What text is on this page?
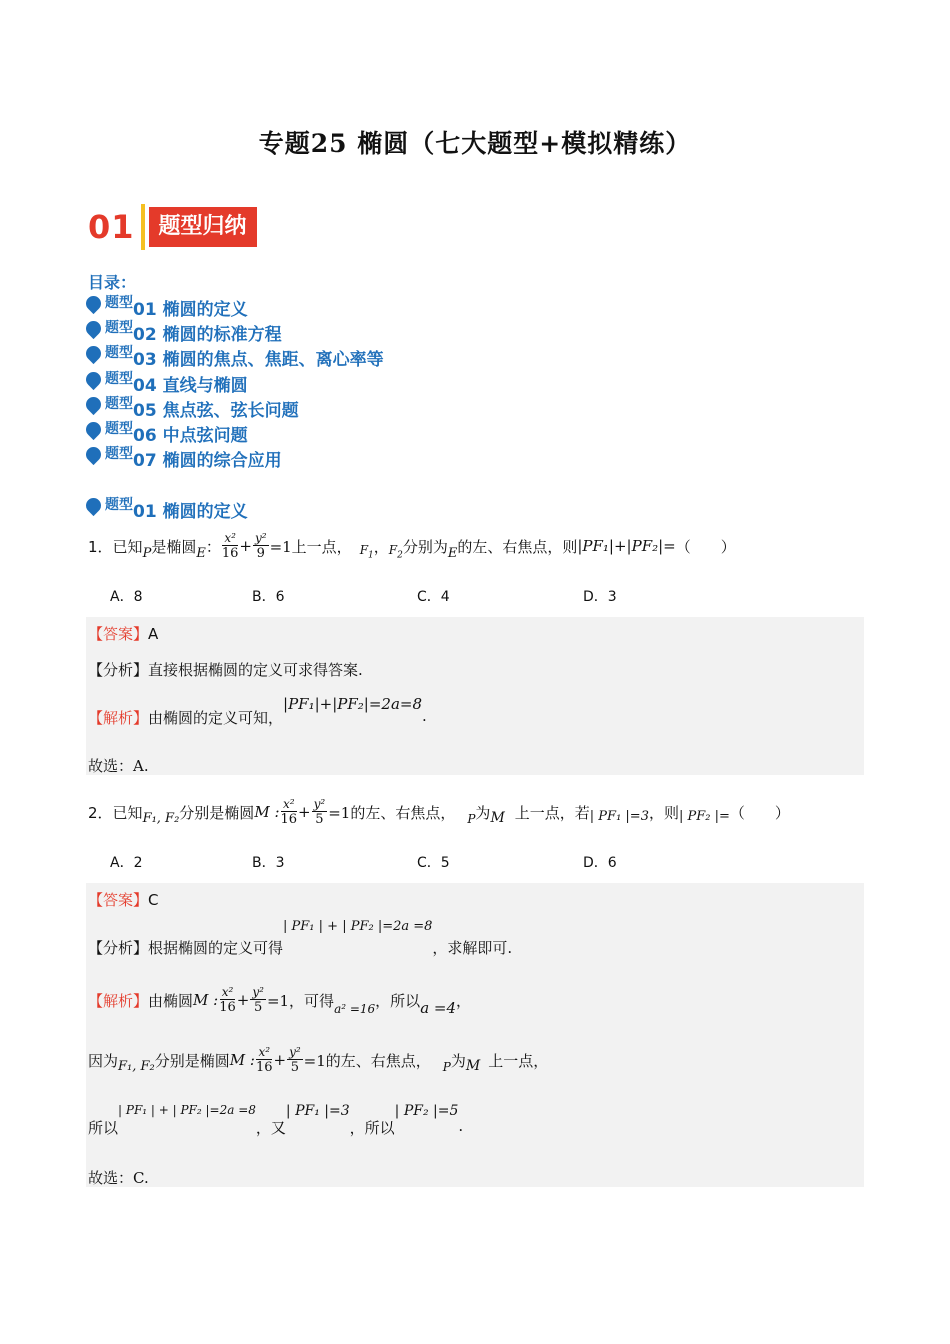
专题25 椭圆（七大题型+模拟精练）
01	题型归纳
目录：
题型 01 椭圆的定义
题型 02 椭圆的标准方程
题型 03 椭圆的焦点、焦距、离心率等
题型 04 直线与椭圆
题型 05 焦点弦、弦长问题
题型 06 中点弦问题
题型 07 椭圆的综合应用
题型 01 椭圆的定义
1． 已知 P 是椭圆 E ： $\frac{\text{x²}}{16} + \frac{\text{y²}}{9} =1$上一点， $F_1$
， $F_2$
分别为 E 的左、右焦点，则 |PF₁|+|PF₂|= （　　）
A．8	B．6	C．4	D．3
【答案】A
【分析】直接根据椭圆的定义可求得答案.
【解析】 由椭圆的定义可知，
|PF₁|+|PF₂|=2a=8
.
故选：A.
2． 已知 F₁, F₂ 分别是椭圆 M : $\frac{\text{x²}}{16} + \frac{\text{y²}}{5} =1$的左、右焦点， P 为 M 上一点，若 | PF₁ |=3 ，则 | PF₂ |= （　　）
A．2	B．3	C．5	D．6
【答案】C
【分析】 根据椭圆的定义可得
| PF₁ | + | PF₂ |=2a =8
，求解即可.
【解析】 由椭圆 M : $\frac{\text{x²}}{16} + \frac{\text{y²}}{5} =1$，可得 a² =16 ，所以 a =4 ，
因为 F₁, F₂ 分别是椭圆 M : $\frac{\text{x²}}{16} + \frac{\text{y²}}{5} =1$的左、右焦点， P 为 M 上一点，
所以
| PF₁ | + | PF₂ |=2a =8
，又
| PF₁ |=3
，所以
| PF₂ |=5
.
故选：C.
